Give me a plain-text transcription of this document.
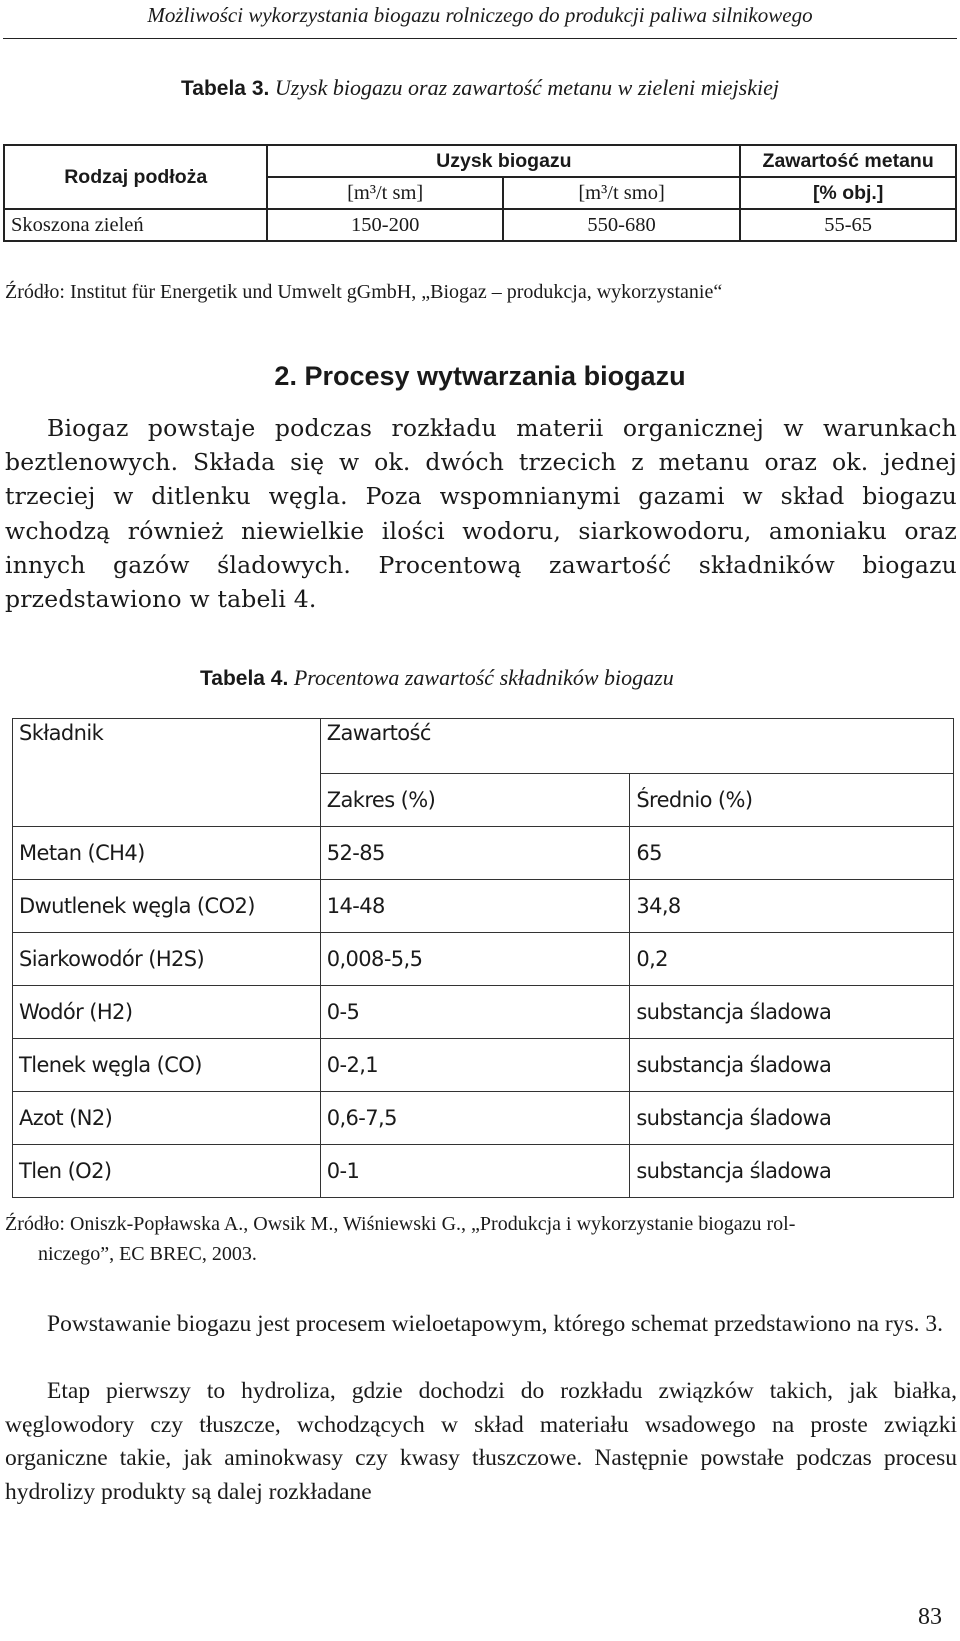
Możliwości wykorzystania biogazu rolniczego do produkcji paliwa silnikowego
Tabela 3. Uzysk biogazu oraz zawartość metanu w zieleni miejskiej
Rodzaj podłoża	Uzysk biogazu		Zawartość metanu
	[m³/t sm]	[m³/t smo]	[% obj.]
Skoszona zieleń	150-200	550-680	55-65
Źródło: Institut für Energetik und Umwelt gGmbH, „Biogaz – produkcja, wykorzystanie“
2. Procesy wytwarzania biogazu
Biogaz powstaje podczas rozkładu materii organicznej w warunkach beztlenowych. Składa się w ok. dwóch trzecich z metanu oraz ok. jednej trzeciej w ditlenku węgla. Poza wspomnianymi gazami w skład biogazu wchodzą również niewielkie ilości wodoru, siarkowodoru, amoniaku oraz innych gazów śladowych. Procentową zawartość składników biogazu przedstawiono w tabeli 4.
Tabela 4. Procentowa zawartość składników biogazu
Składnik	Zawartość	
	Zakres (%)	Średnio (%)
Metan (CH4)	52-85	65
Dwutlenek węgla (CO2)	14-48	34,8
Siarkowodór (H2S)	0,008-5,5	0,2
Wodór (H2)	0-5	substancja śladowa
Tlenek węgla (CO)	0-2,1	substancja śladowa
Azot (N2)	0,6-7,5	substancja śladowa
Tlen (O2)	0-1	substancja śladowa
Źródło: Oniszk-Popławska A., Owsik M., Wiśniewski G., „Produkcja i wykorzystanie biogazu rol-
niczego”, EC BREC, 2003.
Powstawanie biogazu jest procesem wieloetapowym, którego schemat przedstawiono na rys. 3.
Etap pierwszy to hydroliza, gdzie dochodzi do rozkładu związków takich, jak białka, węglowodory czy tłuszcze, wchodzących w skład materiału wsadowego na proste związki organiczne takie, jak aminokwasy czy kwasy tłuszczowe. Następnie powstałe podczas procesu hydrolizy produkty są dalej rozkładane
83
